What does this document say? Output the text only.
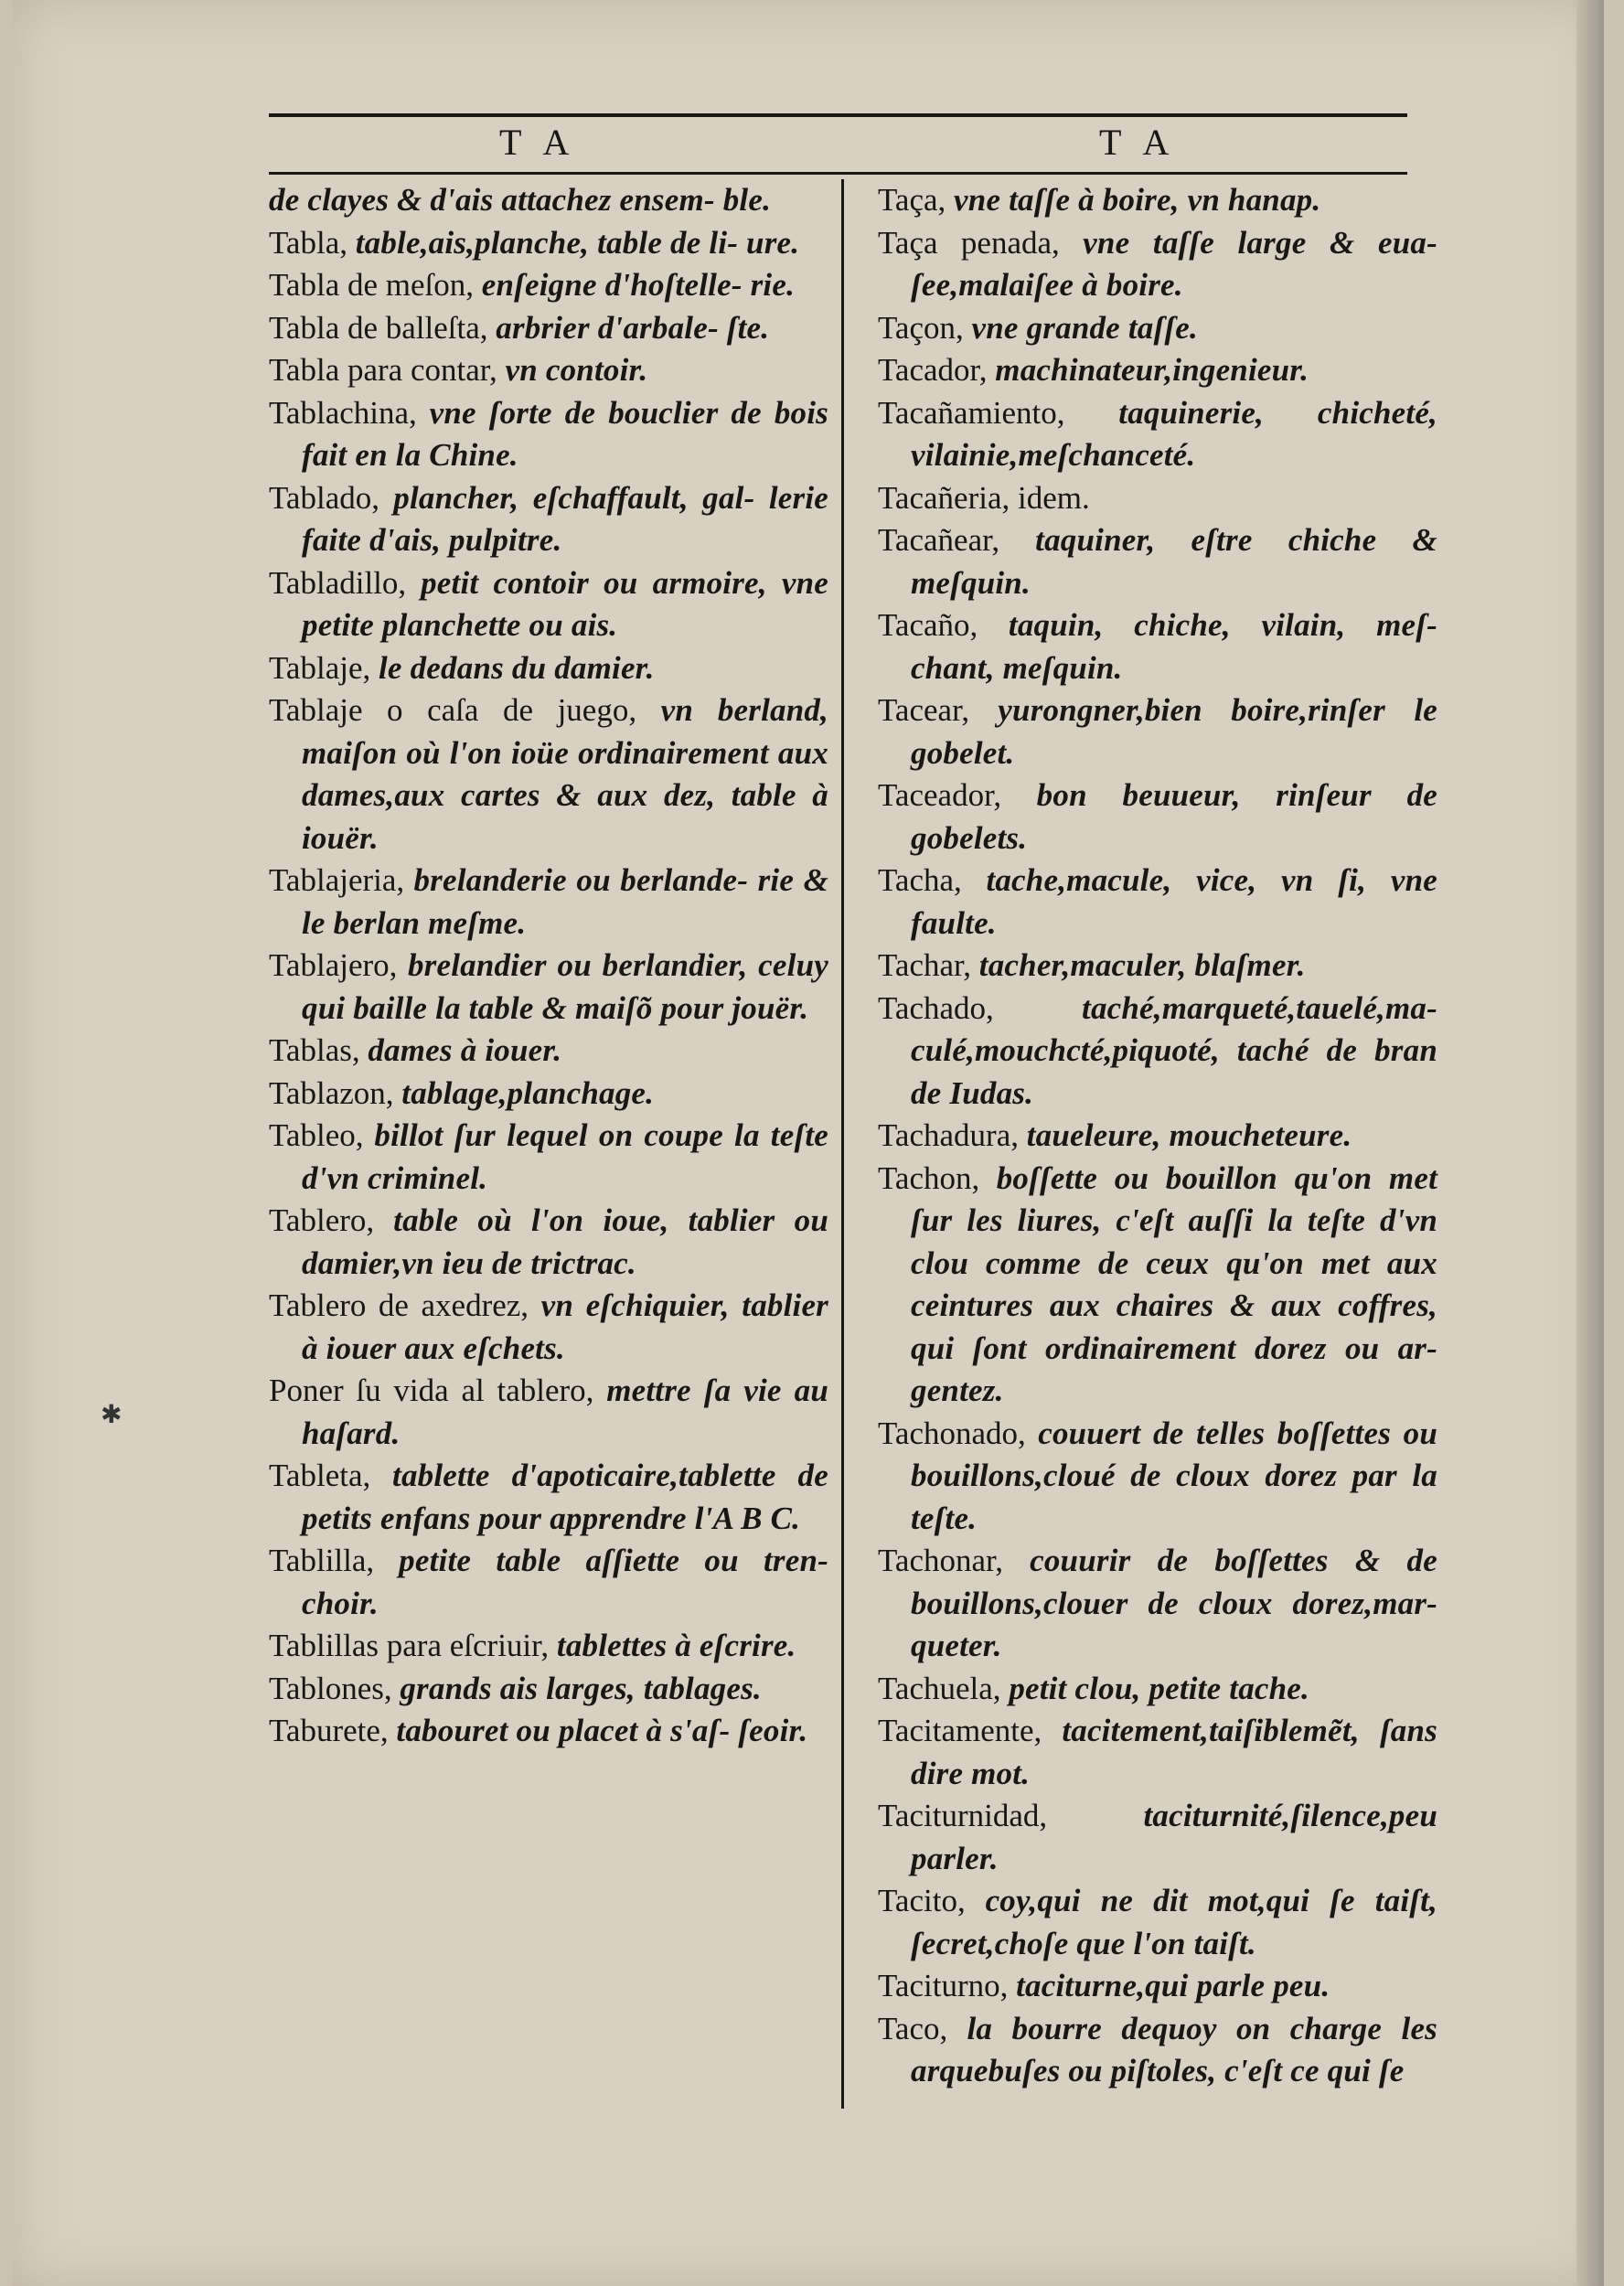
T A	T A
de clayes & d'ais attachez ensem- ble.
Tabla, table,ais,planche, table de li- ure.
Tabla de meſon, enſeigne d'hoſtelle- rie.
Tabla de balleſta, arbrier d'arbale- ſte.
Tabla para contar, vn contoir.
Tablachina, vne ſorte de bouclier de bois fait en la Chine.
Tablado, plancher, eſchaffault, gal- lerie faite d'ais, pulpitre.
Tabladillo, petit contoir ou armoire, vne petite planchette ou ais.
Tablaje, le dedans du damier.
Tablaje o caſa de juego, vn berland, maiſon où l'on ioüe ordinairement aux dames,aux cartes & aux dez, table à iouër.
Tablajeria, brelanderie ou berlande- rie & le berlan meſme.
Tablajero, brelandier ou berlandier, celuy qui baille la table & maiſõ pour jouër.
Tablas, dames à iouer.
Tablazon, tablage,planchage.
Tableo, billot ſur lequel on coupe la teſte d'vn criminel.
Tablero, table où l'on ioue, tablier ou damier,vn ieu de trictrac.
Tablero de axedrez, vn eſchiquier, tablier à iouer aux eſchets.
Poner ſu vida al tablero, mettre ſa vie au haſard.
Tableta, tablette d'apoticaire,tablette de petits enfans pour apprendre l'A B C.
Tablilla, petite table aſſiette ou tren- choir.
Tablillas para eſcriuir, tablettes à eſcrire.
Tablones, grands ais larges, tablages.
Taburete, tabouret ou placet à s'aſ- ſeoir.
Taça, vne taſſe à boire, vn hanap.
Taça penada, vne taſſe large & eua- ſee,malaiſee à boire.
Taçon, vne grande taſſe.
Tacador, machinateur,ingenieur.
Tacañamiento, taquinerie, chicheté, vilainie,meſchanceté.
Tacañeria, idem.
Tacañear, taquiner, eſtre chiche & meſquin.
Tacaño, taquin, chiche, vilain, meſ- chant, meſquin.
Tacear, yurongner,bien boire,rinſer le gobelet.
Taceador, bon beuueur, rinſeur de gobelets.
Tacha, tache,macule, vice, vn ſi, vne faulte.
Tachar, tacher,maculer, blaſmer.
Tachado, taché,marqueté,tauelé,ma- culé,mouchcté,piquoté, taché de bran de Iudas.
Tachadura, taueleure, moucheteure.
Tachon, boſſette ou bouillon qu'on met ſur les liures, c'eſt auſſi la teſte d'vn clou comme de ceux qu'on met aux ceintures aux chaires & aux coffres, qui ſont ordinairement dorez ou ar- gentez.
Tachonado, couuert de telles boſſettes ou bouillons,cloué de cloux dorez par la teſte.
Tachonar, couurir de boſſettes & de bouillons,clouer de cloux dorez,mar- queter.
Tachuela, petit clou, petite tache.
Tacitamente, tacitement,taiſiblemẽt, ſans dire mot.
Taciturnidad, taciturnité,ſilence,peu parler.
Tacito, coy,qui ne dit mot,qui ſe taiſt, ſecret,choſe que l'on taiſt.
Taciturno, taciturne,qui parle peu.
Taco, la bourre dequoy on charge les arquebuſes ou piſtoles, c'eſt ce qui ſe
✱
